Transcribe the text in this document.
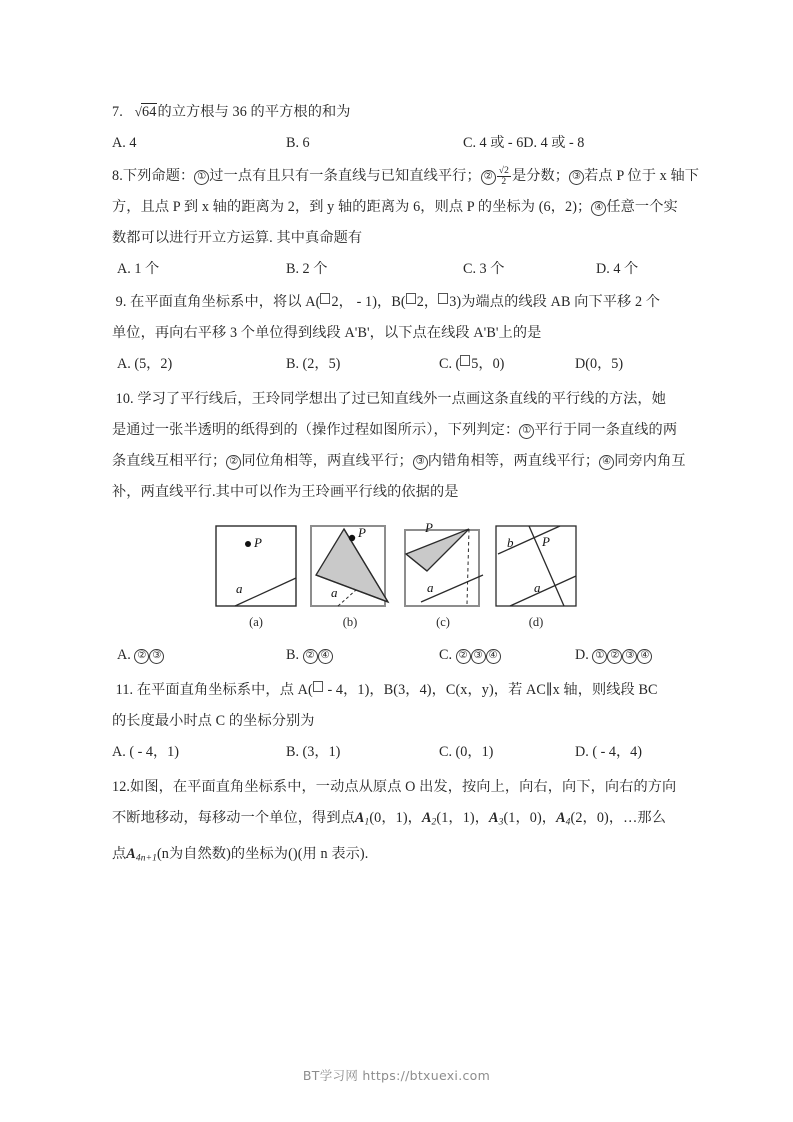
7. √64的立方根与 36 的平方根的和为
A. 4	B. 6	C. 4 或 - 6D. 4 或 - 8
8.下列命题： ① 过一点有且只有一条直线与已知直线平行； ② $\frac{√2}{2}$ 是分数； ③ 若点 P 位于 x 轴下
方，且点 P 到 x 轴的距离为 2，到 y 轴的距离为 6，则点 P 的坐标为 (6，2)； ④ 任意一个实
数都可以进行开立方运算. 其中真命题有
A. 1 个	B. 2 个	C. 3 个	D. 4 个
9. 在平面直角坐标系中，将以 A( 2， - 1)，B( 2， 3)为端点的线段 AB 向下平移 2 个
单位，再向右平移 3 个单位得到线段 A'B'，以下点在线段 A'B'上的是
A. (5，2)	B. (2，5)	C. ( 5，0)	D(0，5)
10. 学习了平行线后，王玲同学想出了过已知直线外一点画这条直线的平行线的方法，她
是通过一张半透明的纸得到的（操作过程如图所示），下列判定： ① 平行于同一条直线的两
条直线互相平行； ② 同位角相等，两直线平行； ③ 内错角相等，两直线平行； ④ 同旁内角互
补，两直线平行.其中可以作为王玲画平行线的依据的是
P
a
(a)
P
a
(b)
P
a
(c)
b P
a
(d)
A. ② ③	B. ② ④	C. ② ③ ④	D. ① ② ③ ④
11. 在平面直角坐标系中，点 A( - 4，1)，B(3，4)，C(x，y)，若 AC∥x 轴，则线段 BC
的长度最小时点 C 的坐标分别为
A. ( - 4，1)	B. (3，1)	C. (0，1)	D. ( - 4，4)
12.如图，在平面直角坐标系中，一动点从原点 O 出发，按向上，向右，向下，向右的方向
不断地移动，每移动一个单位，得到点$A_1(0$，1)，$A_2(1$，1)，$A_3(1$，0)，$A_4(2$，0)，…那么
点$A_{4n+1}(n$为自然数)的坐标为()(用 n 表示).
BT学习网 https://btxuexi.com
